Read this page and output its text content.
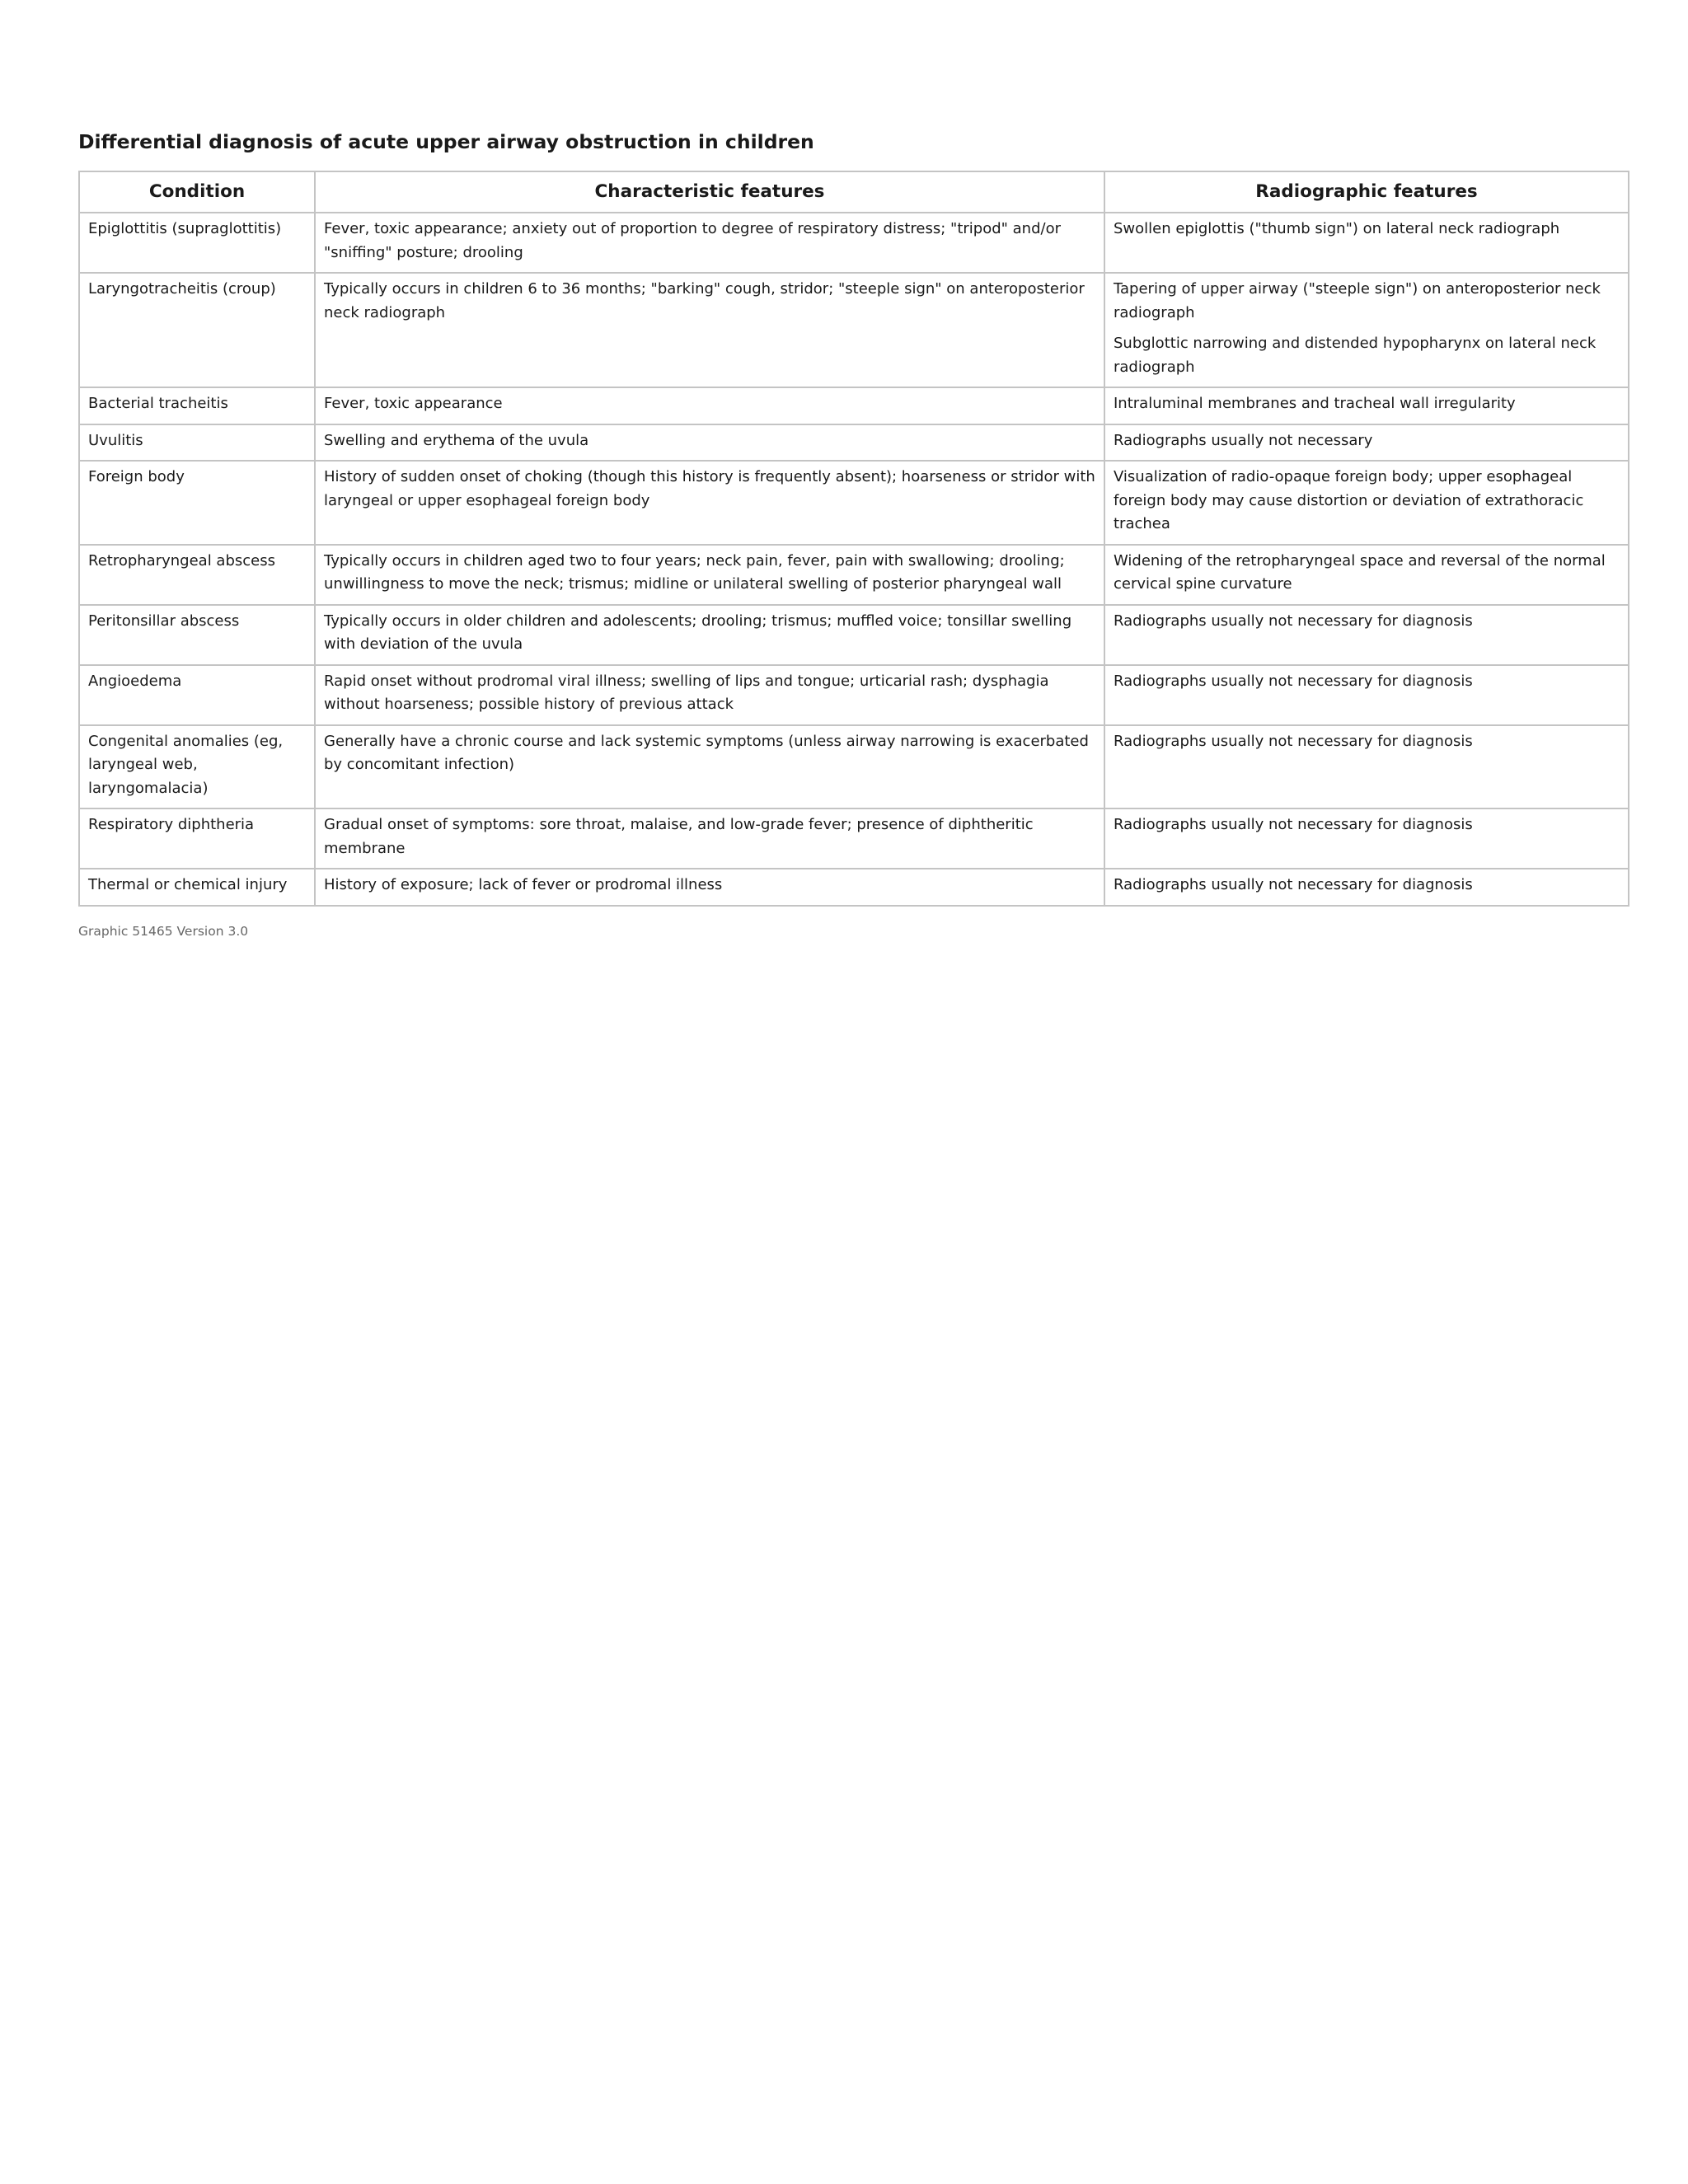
Differential diagnosis of acute upper airway obstruction in children
Condition	Characteristic features	Radiographic features
Epiglottitis (supraglottitis)	Fever, toxic appearance; anxiety out of proportion to degree of respiratory distress; "tripod" and/or "sniffing" posture; drooling	Swollen epiglottis ("thumb sign") on lateral neck radiograph

Laryngotracheitis (croup)	Typically occurs in children 6 to 36 months; "barking" cough, stridor; "steeple sign" on anteroposterior neck radiograph	Tapering of upper airway ("steeple sign") on anteroposterior neck radiograph
Subglottic narrowing and distended hypopharynx on lateral neck radiograph

Bacterial tracheitis	Fever, toxic appearance	Intraluminal membranes and tracheal wall irregularity

Uvulitis	Swelling and erythema of the uvula	Radiographs usually not necessary

Foreign body	History of sudden onset of choking (though this history is frequently absent); hoarseness or stridor with laryngeal or upper esophageal foreign body	Visualization of radio-opaque foreign body; upper esophageal foreign body may cause distortion or deviation of extrathoracic trachea

Retropharyngeal abscess	Typically occurs in children aged two to four years; neck pain, fever, pain with swallowing; drooling; unwillingness to move the neck; trismus; midline or unilateral swelling of posterior pharyngeal wall	Widening of the retropharyngeal space and reversal of the normal cervical spine curvature

Peritonsillar abscess	Typically occurs in older children and adolescents; drooling; trismus; muffled voice; tonsillar swelling with deviation of the uvula	Radiographs usually not necessary for diagnosis

Angioedema	Rapid onset without prodromal viral illness; swelling of lips and tongue; urticarial rash; dysphagia without hoarseness; possible history of previous attack	Radiographs usually not necessary for diagnosis

Congenital anomalies (eg, laryngeal web, laryngomalacia)	Generally have a chronic course and lack systemic symptoms (unless airway narrowing is exacerbated by concomitant infection)	Radiographs usually not necessary for diagnosis

Respiratory diphtheria	Gradual onset of symptoms: sore throat, malaise, and low-grade fever; presence of diphtheritic membrane	Radiographs usually not necessary for diagnosis

Thermal or chemical injury	History of exposure; lack of fever or prodromal illness	Radiographs usually not necessary for diagnosis
Graphic 51465 Version 3.0
